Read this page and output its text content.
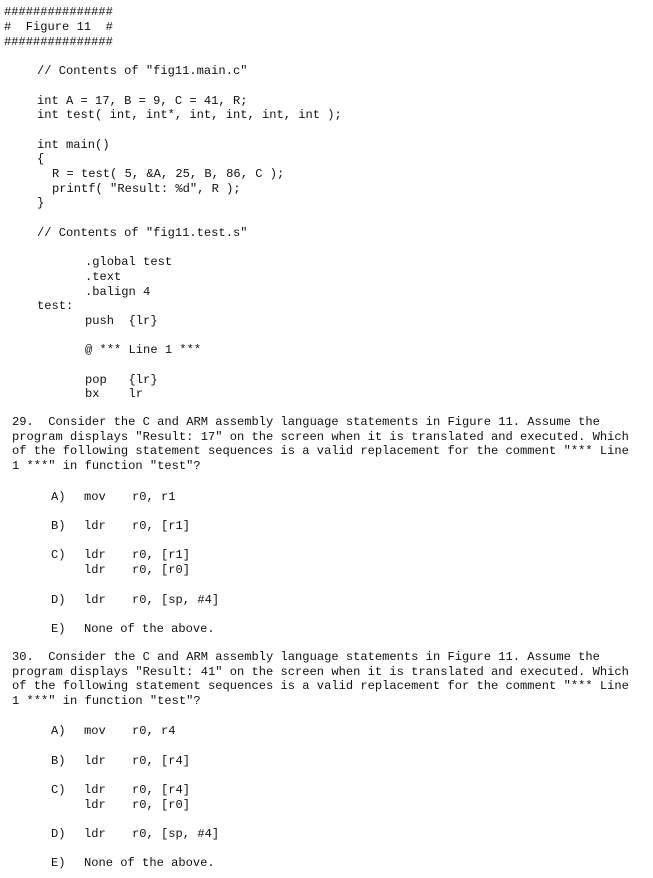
###############
#  Figure 11  #
###############
// Contents of "fig11.main.c"
int A = 17, B = 9, C = 41, R;
int test( int, int*, int, int, int, int );
int main()
{
R = test( 5, &A, 25, B, 86, C );
printf( "Result: %d", R );
}
// Contents of "fig11.test.s"
.global test
.text
.balign 4
test:
push  {lr}
@ *** Line 1 ***
pop   {lr}
bx    lr
29. Consider the C and ARM assembly language statements in Figure 11. Assume the program displays "Result: 17" on the screen when it is translated and executed. Which of the following statement sequences is a valid replacement for the comment "*** Line 1 ***" in function "test"?
A) mov r0, r1
B) ldr r0, [r1]
C) ldr r0, [r1]
ldr r0, [r0]
D) ldr r0, [sp, #4]
E) None of the above.
30. Consider the C and ARM assembly language statements in Figure 11. Assume the program displays "Result: 41" on the screen when it is translated and executed. Which of the following statement sequences is a valid replacement for the comment "*** Line 1 ***" in function "test"?
A) mov r0, r4
B) ldr r0, [r4]
C) ldr r0, [r4]
ldr r0, [r0]
D) ldr r0, [sp, #4]
E) None of the above.
